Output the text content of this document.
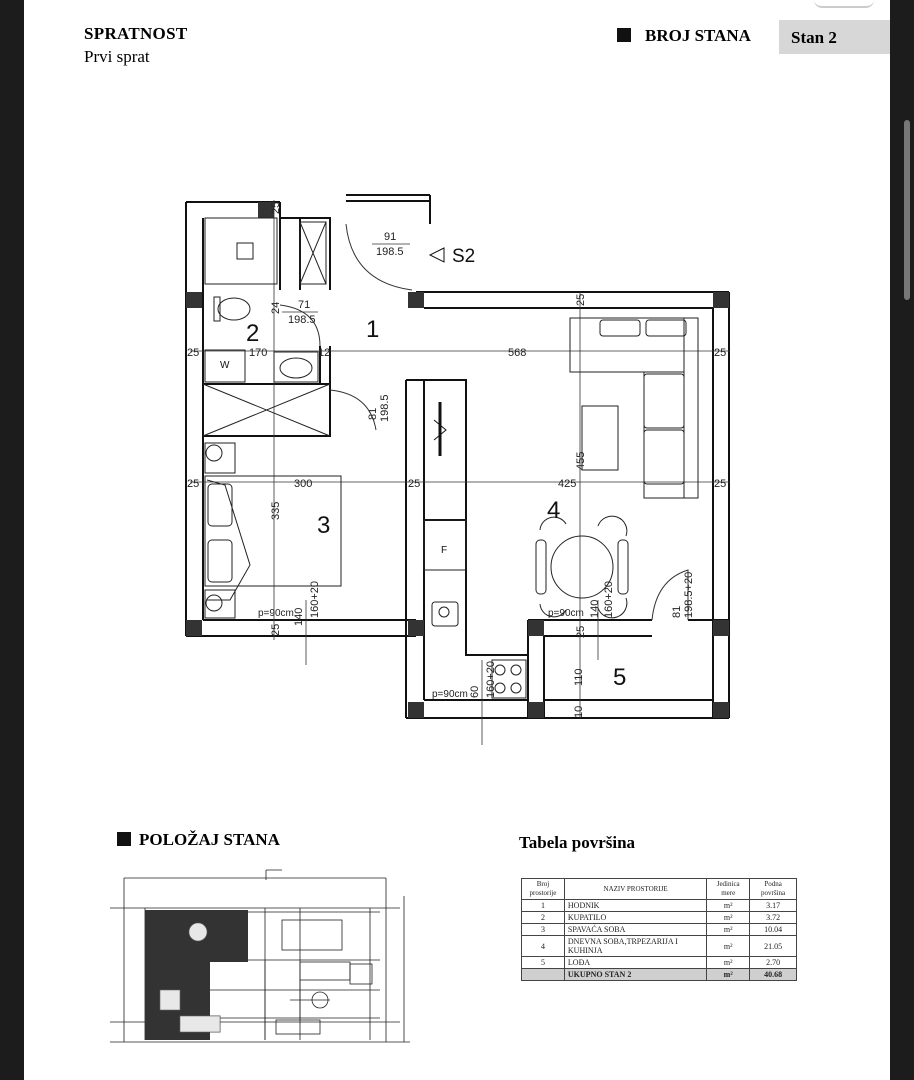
SPRATNOST
Prvi sprat
BROJ STANA Stan 2
1
2
3
4
5
S2
W
F
91
198.5
71
198.5
25	170	12	568	25
25	300	25	425	25
25
24
335
25
25
455
25
81 198.5
81 198.5+20
p=90cm 140 160+20
p=90cm 60 160+20
p=90cm 140 160+20
110
10
POLOŽAJ STANA	Tabela površina
Broj prostorije	NAZIV PROSTORIJE	Jedinica mere	Podna površina
1	HODNIK	m²	3.17
2	KUPATILO	m²	3.72
3	SPAVAĆA SOBA	m²	10.04
4	DNEVNA SOBA,TRPEZARIJA I KUHINJA	m²	21.05
5	LOĐA	m²	2.70
	UKUPNO STAN 2	m²	40.68
